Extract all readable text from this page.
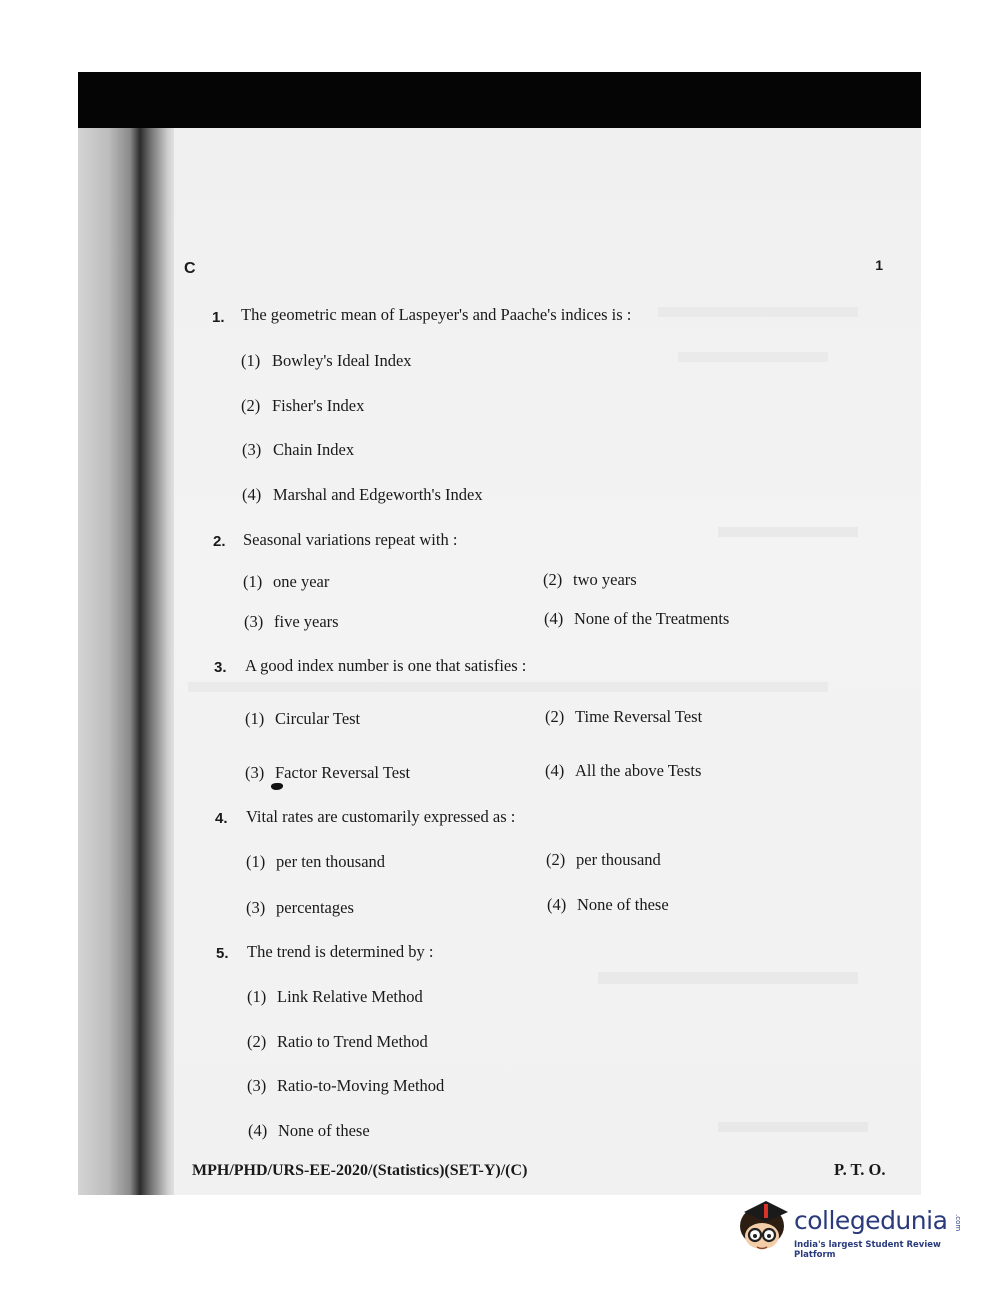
C	1
1. The geometric mean of Laspeyer's and Paache's indices is :
(1) Bowley's Ideal Index
(2) Fisher's Index
(3) Chain Index
(4) Marshal and Edgeworth's Index
2. Seasonal variations repeat with :
(1) one year	(2) two years
(3) five years	(4) None of the Treatments
3. A good index number is one that satisfies :
(1) Circular Test	(2) Time Reversal Test
(3) Factor Reversal Test	(4) All the above Tests
4. Vital rates are customarily expressed as :
(1) per ten thousand	(2) per thousand
(3) percentages	(4) None of these
5. The trend is determined by :
(1) Link Relative Method
(2) Ratio to Trend Method
(3) Ratio-to-Moving Method
(4) None of these
MPH/PHD/URS-EE-2020/(Statistics)(SET-Y)/(C)	P. T. O.
collegedunia .com
India's largest Student Review Platform
